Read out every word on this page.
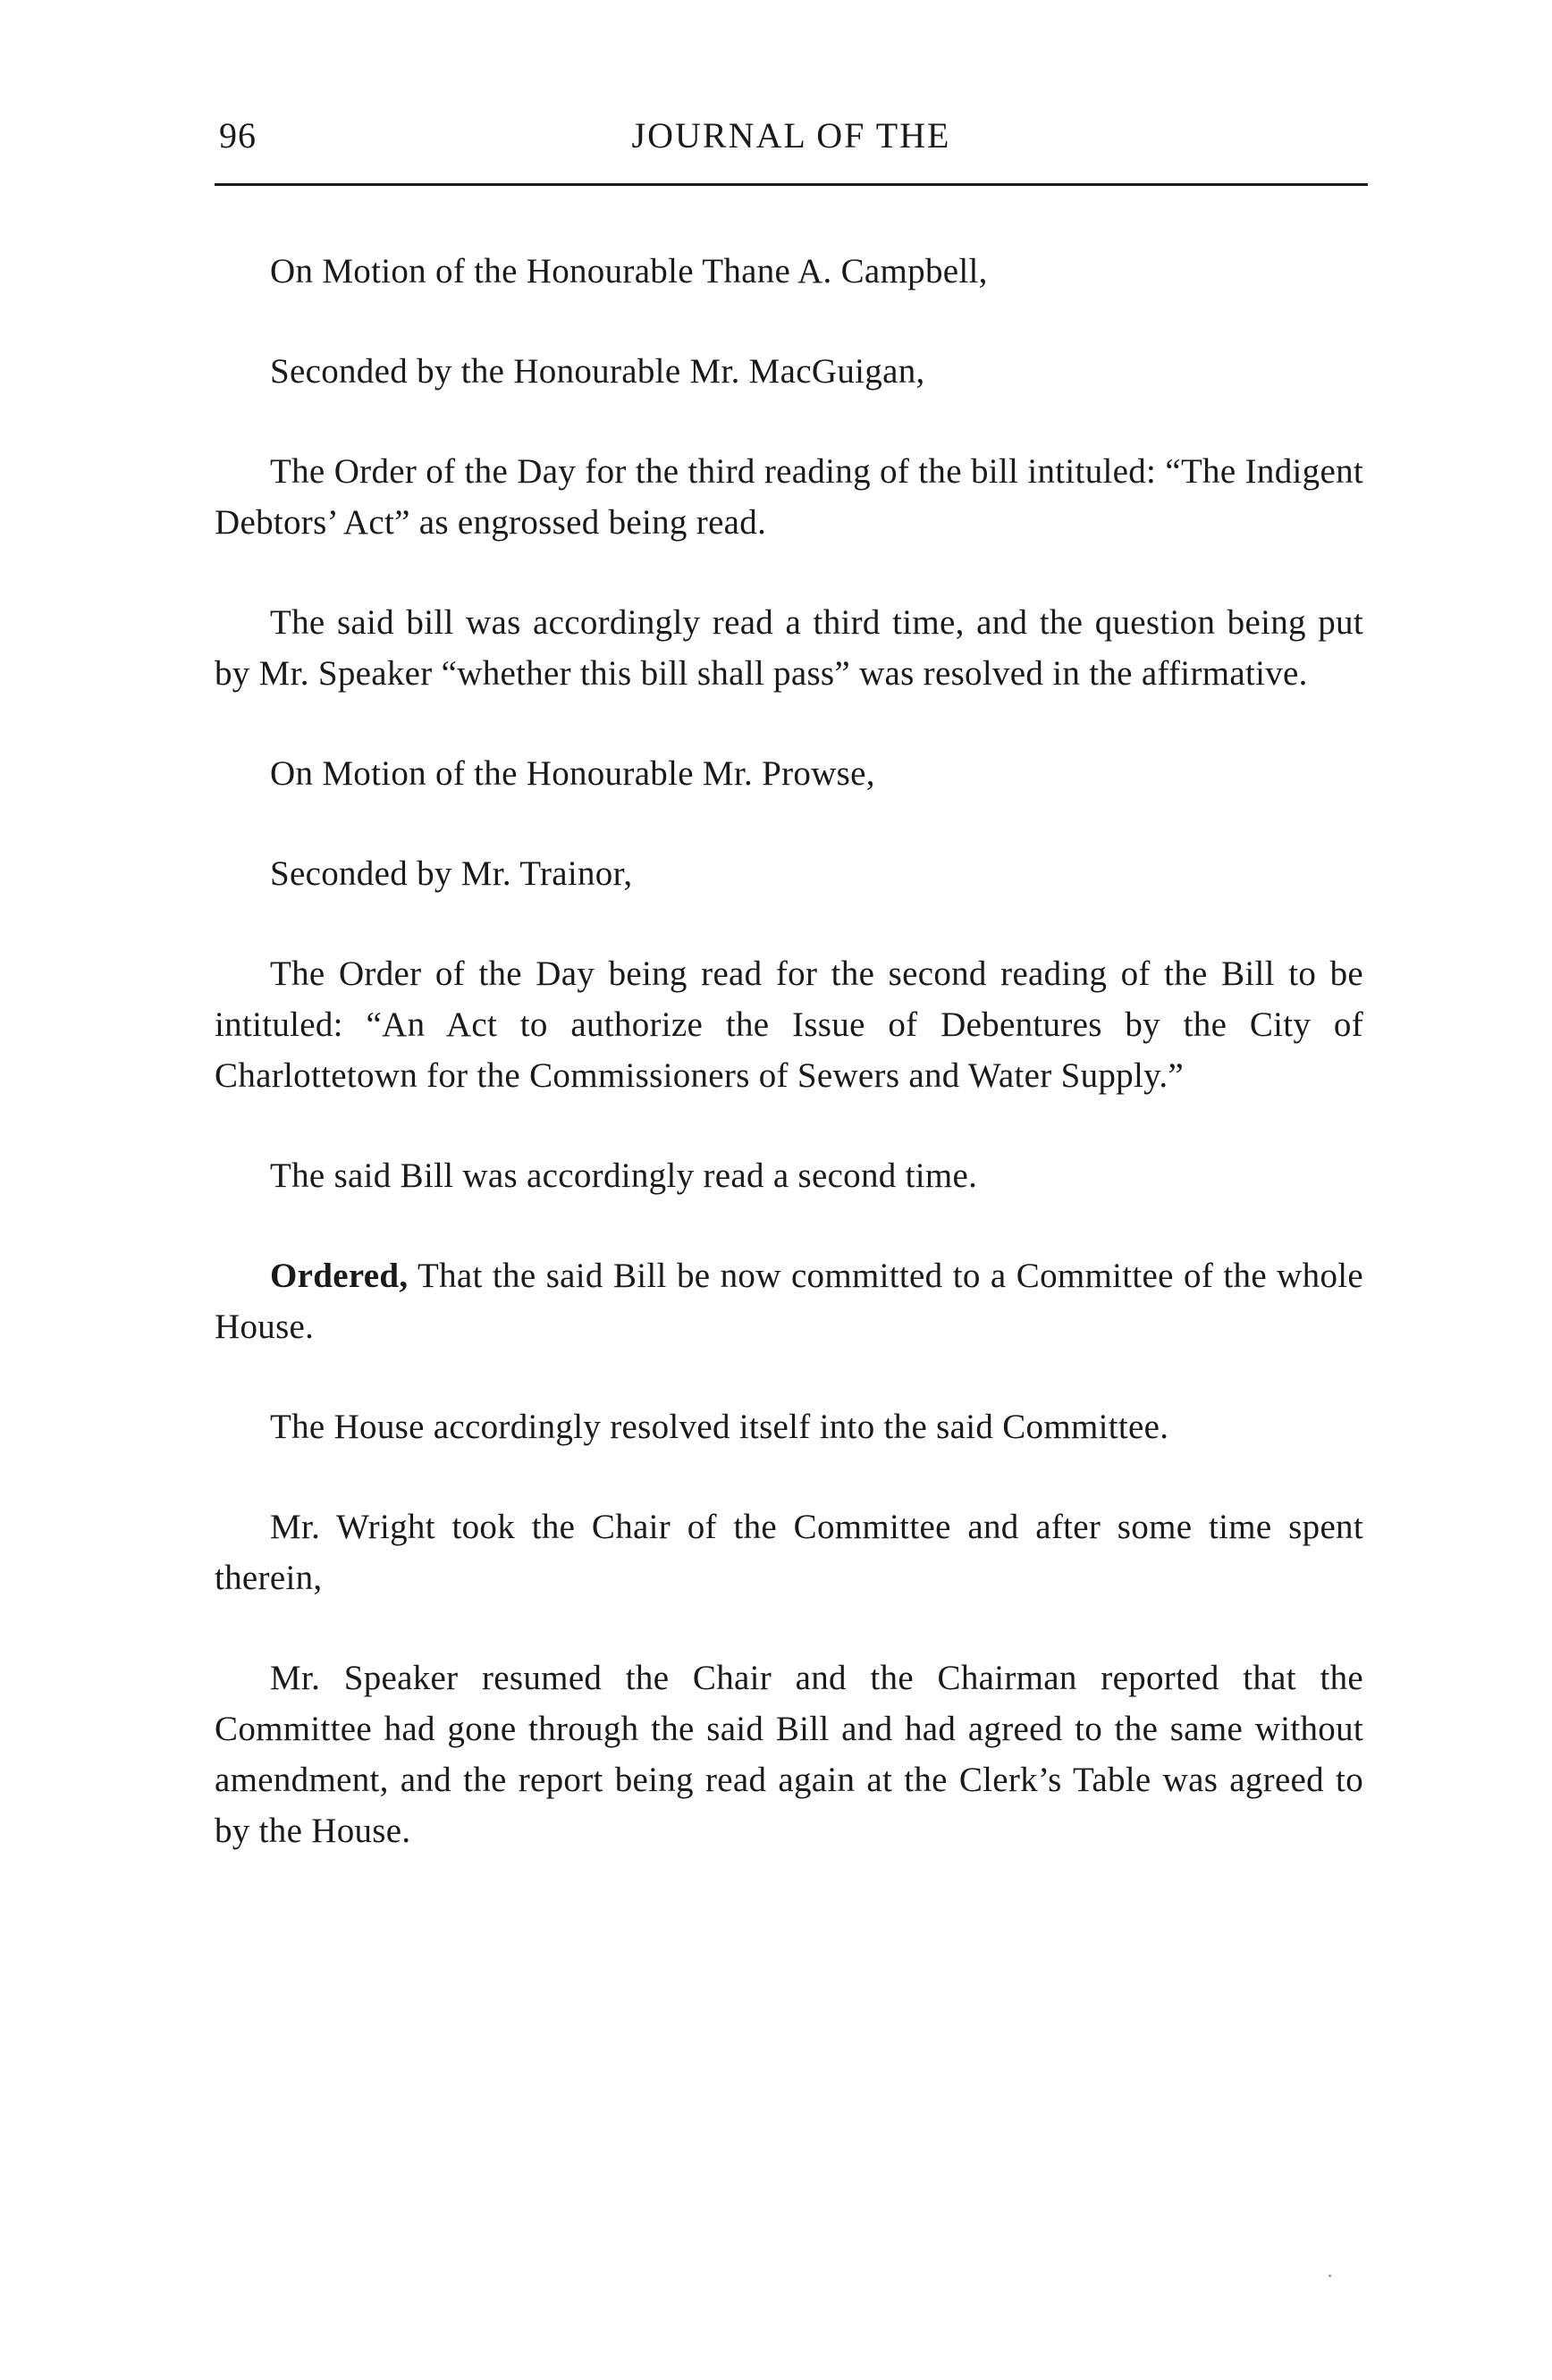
96	JOURNAL OF THE

On Motion of the Honourable Thane A. Campbell,

Seconded by the Honourable Mr. MacGuigan,

The Order of the Day for the third reading of the bill intituled: “The Indigent Debtors’ Act” as engrossed being read.

The said bill was accordingly read a third time, and the question being put by Mr. Speaker “whether this bill shall pass” was resolved in the affirmative.

On Motion of the Honourable Mr. Prowse,

Seconded by Mr. Trainor,

The Order of the Day being read for the second reading of the Bill to be intituled: “An Act to authorize the Issue of Debentures by the City of Charlottetown for the Commissioners of Sewers and Water Supply.”

The said Bill was accordingly read a second time.

Ordered, That the said Bill be now committed to a Committee of the whole House.

The House accordingly resolved itself into the said Committee.

Mr. Wright took the Chair of the Committee and after some time spent therein,

Mr. Speaker resumed the Chair and the Chairman reported that the Committee had gone through the said Bill and had agreed to the same without amendment, and the report being read again at the Clerk’s Table was agreed to by the House.
